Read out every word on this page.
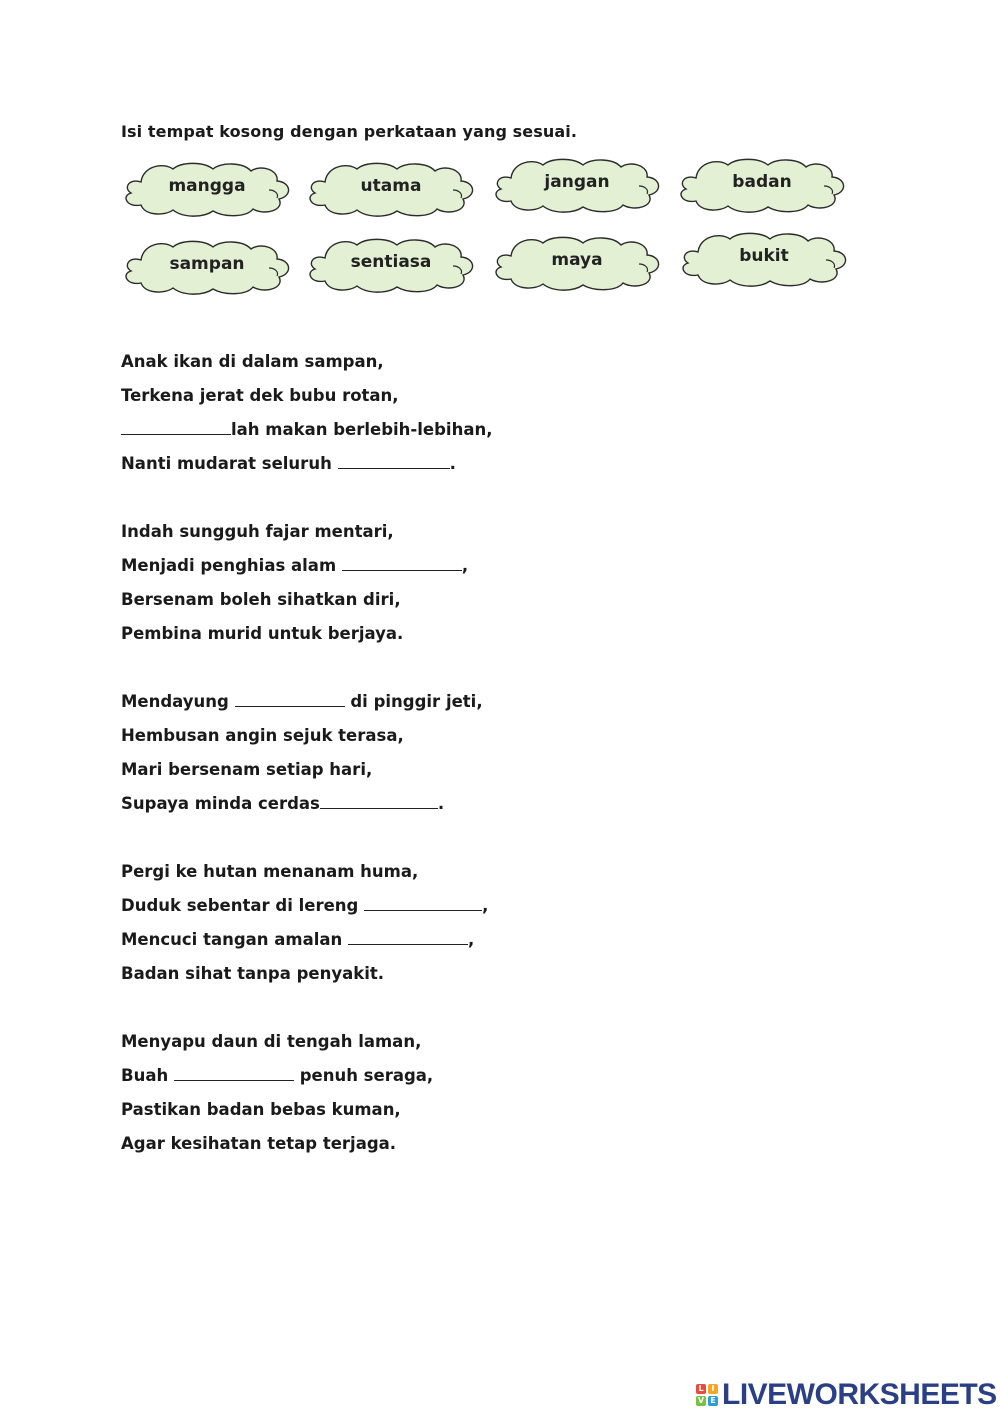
Isi tempat kosong dengan perkataan yang sesuai.
mangga	utama	jangan	badan
sampan	sentiasa	maya	bukit
Anak ikan di dalam sampan,
Terkena jerat dek bubu rotan,
lah makan berlebih-lebihan,
Nanti mudarat seluruh	.
Indah sungguh fajar mentari,
Menjadi penghias alam	,
Bersenam boleh sihatkan diri,
Pembina murid untuk berjaya.
Mendayung	di pinggir jeti,
Hembusan angin sejuk terasa,
Mari bersenam setiap hari,
Supaya minda cerdas	.
Pergi ke hutan menanam huma,
Duduk sebentar di lereng	,
Mencuci tangan amalan	,
Badan sihat tanpa penyakit.
Menyapu daun di tengah laman,
Buah	penuh seraga,
Pastikan badan bebas kuman,
Agar kesihatan tetap terjaga.
L I
V E LIVEWORKSHEETS
